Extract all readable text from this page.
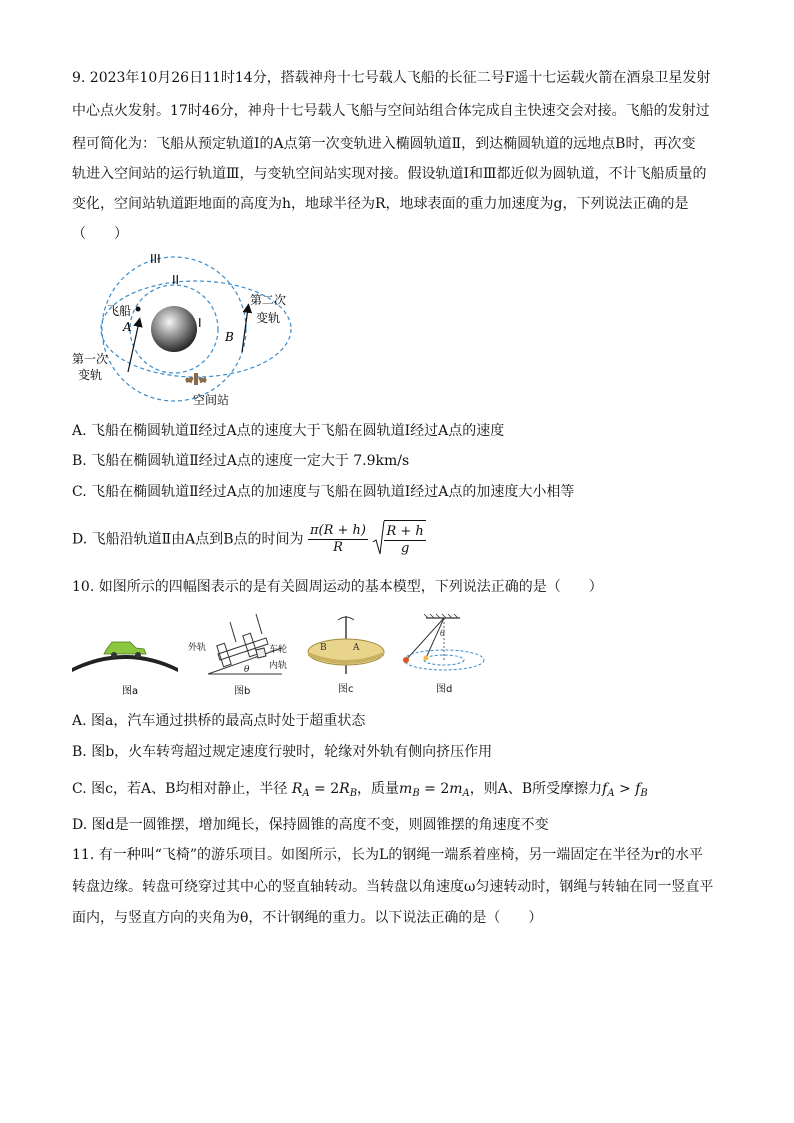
9. 2023年10月26日11时14分，搭载神舟十七号载人飞船的长征二号F遥十七运载火箭在酒泉卫星发射
中心点火发射。17时46分，神舟十七号载人飞船与空间站组合体完成自主快速交会对接。飞船的发射过
程可简化为：飞船从预定轨道Ⅰ的A点第一次变轨进入椭圆轨道Ⅱ，到达椭圆轨道的远地点B时，再次变
轨进入空间站的运行轨道Ⅲ，与变轨空间站实现对接。假设轨道Ⅰ和Ⅲ都近似为圆轨道，不计飞船质量的
变化，空间站轨道距地面的高度为h，地球半径为R，地球表面的重力加速度为g，下列说法正确的是
（　　）
III
II
I
飞船
A
B
第二次
变轨
第一次
变轨
空间站
A. 飞船在椭圆轨道Ⅱ经过A点的速度大于飞船在圆轨道Ⅰ经过A点的速度
B. 飞船在椭圆轨道Ⅱ经过A点的速度一定大于 7.9km/s
C. 飞船在椭圆轨道Ⅱ经过A点的加速度与飞船在圆轨道Ⅰ经过A点的加速度大小相等
D. 飞船沿轨道Ⅱ由A点到B点的时间为 $\frac{\pi(R + h)}{R}$
$\frac{R + h}{g}$
10. 如图所示的四幅图表示的是有关圆周运动的基本模型，下列说法正确的是（　　）
图a
外轨	车轮
内轨
θ
图b
B	A
图c
θ
图d
A. 图a，汽车通过拱桥的最高点时处于超重状态
B. 图b，火车转弯超过规定速度行驶时，轮缘对外轨有侧向挤压作用
C. 图c，若A、B均相对静止，半径 $R_A = 2R_B$，质量$m_B = 2m_A$，则A、B所受摩擦力$f_A > f_B$
D. 图d是一圆锥摆，增加绳长，保持圆锥的高度不变，则圆锥摆的角速度不变
11. 有一种叫“飞椅”的游乐项目。如图所示，长为L的钢绳一端系着座椅，另一端固定在半径为r的水平
转盘边缘。转盘可绕穿过其中心的竖直轴转动。当转盘以角速度ω匀速转动时，钢绳与转轴在同一竖直平
面内，与竖直方向的夹角为θ，不计钢绳的重力。以下说法正确的是（　　）
